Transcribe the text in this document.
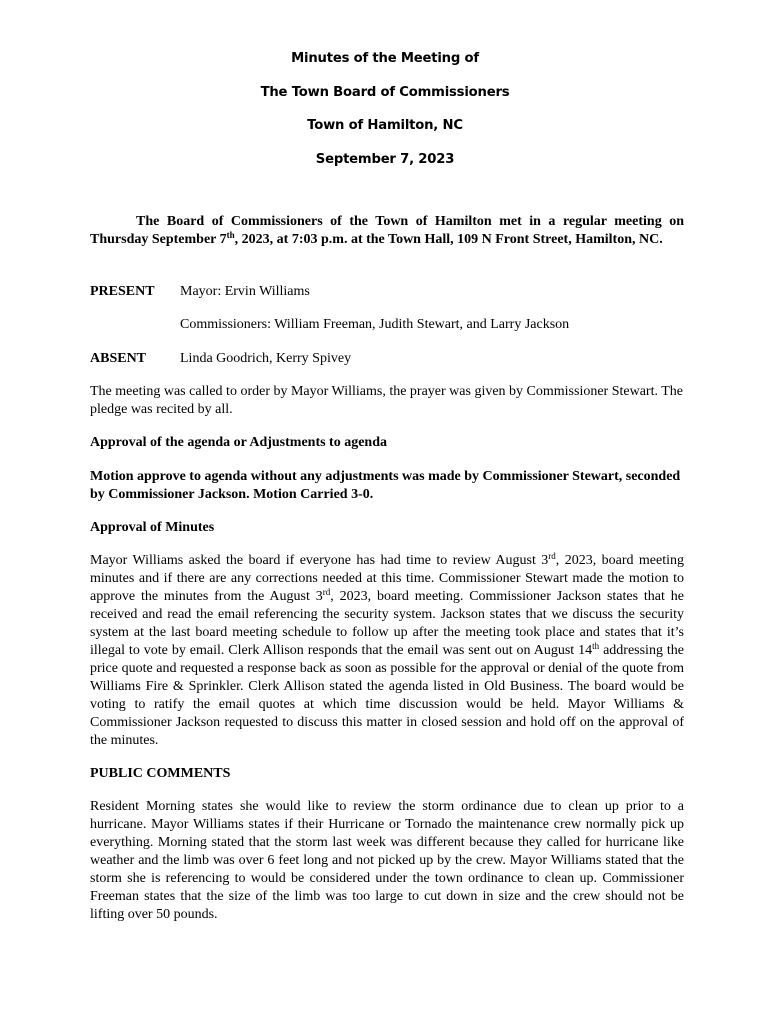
Minutes of the Meeting of
The Town Board of Commissioners
Town of Hamilton, NC
September 7, 2023
The Board of Commissioners of the Town of Hamilton met in a regular meeting on Thursday September 7th, 2023, at 7:03 p.m. at the Town Hall, 109 N Front Street, Hamilton, NC.
PRESENT Mayor: Ervin Williams
Commissioners: William Freeman, Judith Stewart, and Larry Jackson
ABSENT Linda Goodrich, Kerry Spivey
The meeting was called to order by Mayor Williams, the prayer was given by Commissioner Stewart. The pledge was recited by all.
Approval of the agenda or Adjustments to agenda
Motion approve to agenda without any adjustments was made by Commissioner Stewart, seconded by Commissioner Jackson. Motion Carried 3-0.
Approval of Minutes
Mayor Williams asked the board if everyone has had time to review August 3rd, 2023, board meeting minutes and if there are any corrections needed at this time. Commissioner Stewart made the motion to approve the minutes from the August 3rd, 2023, board meeting. Commissioner Jackson states that he received and read the email referencing the security system. Jackson states that we discuss the security system at the last board meeting schedule to follow up after the meeting took place and states that it’s illegal to vote by email. Clerk Allison responds that the email was sent out on August 14th addressing the price quote and requested a response back as soon as possible for the approval or denial of the quote from Williams Fire & Sprinkler. Clerk Allison stated the agenda listed in Old Business. The board would be voting to ratify the email quotes at which time discussion would be held. Mayor Williams & Commissioner Jackson requested to discuss this matter in closed session and hold off on the approval of the minutes.
PUBLIC COMMENTS
Resident Morning states she would like to review the storm ordinance due to clean up prior to a hurricane. Mayor Williams states if their Hurricane or Tornado the maintenance crew normally pick up everything. Morning stated that the storm last week was different because they called for hurricane like weather and the limb was over 6 feet long and not picked up by the crew. Mayor Williams stated that the storm she is referencing to would be considered under the town ordinance to clean up. Commissioner Freeman states that the size of the limb was too large to cut down in size and the crew should not be lifting over 50 pounds.
